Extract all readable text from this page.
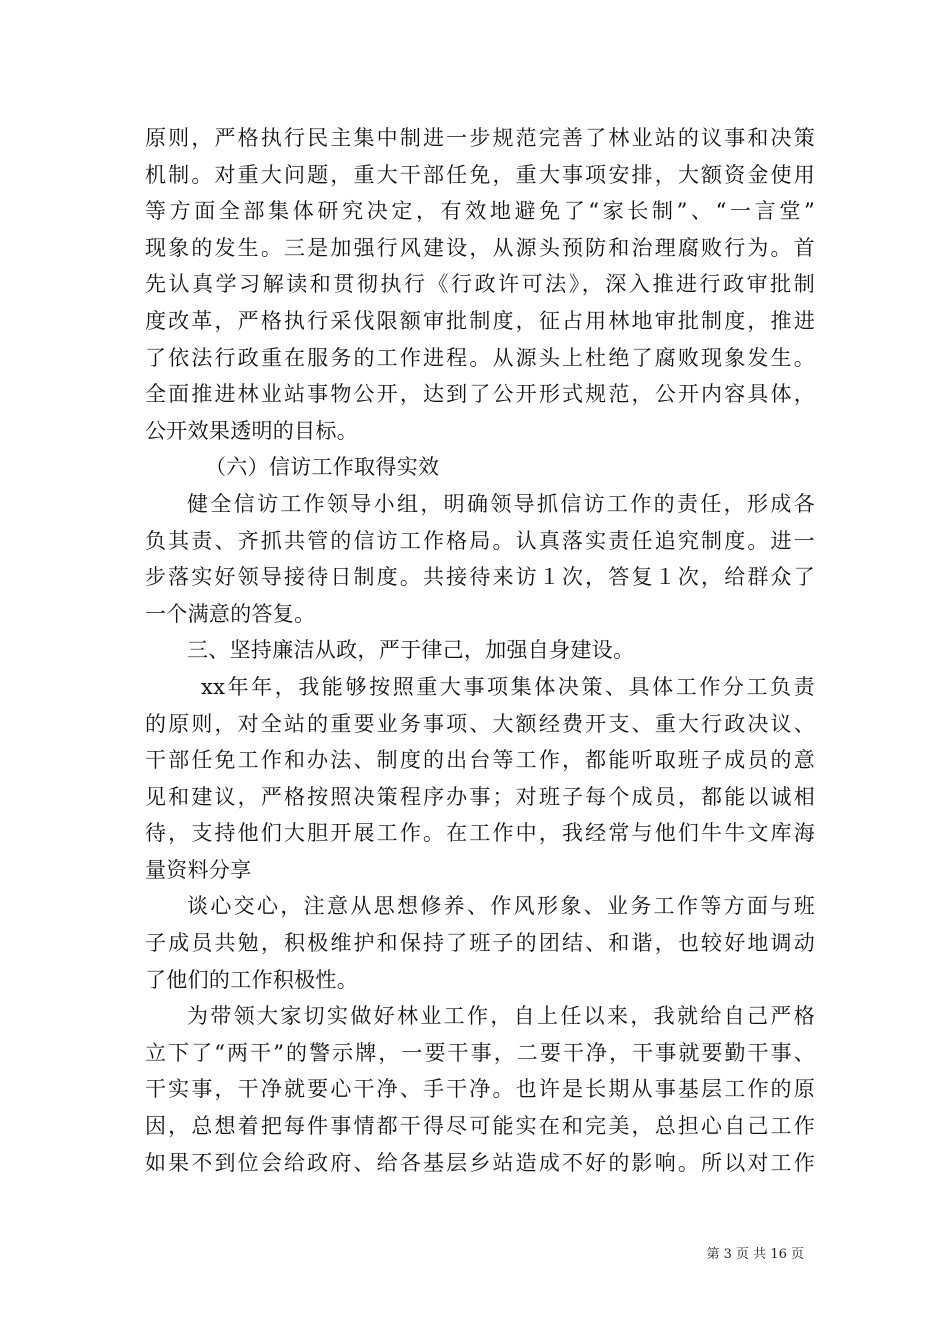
原则，严格执行民主集中制进一步规范完善了林业站的议事和决策
机制。对重大问题，重大干部任免，重大事项安排，大额资金使用
等方面全部集体研究决定，有效地避免了“家长制”、“一言堂”
现象的发生。三是加强行风建设，从源头预防和治理腐败行为。首
先认真学习解读和贯彻执行《行政许可法》，深入推进行政审批制
度改革，严格执行采伐限额审批制度，征占用林地审批制度，推进
了依法行政重在服务的工作进程。从源头上杜绝了腐败现象发生。
全面推进林业站事物公开，达到了公开形式规范，公开内容具体，
公开效果透明的目标。
（六）信访工作取得实效
健全信访工作领导小组，明确领导抓信访工作的责任，形成各
负其责、齐抓共管的信访工作格局。认真落实责任追究制度。进一
步落实好领导接待日制度。共接待来访１次，答复１次，给群众了
一个满意的答复。
三、坚持廉洁从政，严于律己，加强自身建设。
xx年年，我能够按照重大事项集体决策、具体工作分工负责
的原则，对全站的重要业务事项、大额经费开支、重大行政决议、
干部任免工作和办法、制度的出台等工作，都能听取班子成员的意
见和建议，严格按照决策程序办事；对班子每个成员，都能以诚相
待，支持他们大胆开展工作。在工作中，我经常与他们牛牛文库海
量资料分享
谈心交心，注意从思想修养、作风形象、业务工作等方面与班
子成员共勉，积极维护和保持了班子的团结、和谐，也较好地调动
了他们的工作积极性。
为带领大家切实做好林业工作，自上任以来，我就给自己严格
立下了“两干”的警示牌，一要干事，二要干净，干事就要勤干事、
干实事，干净就要心干净、手干净。也许是长期从事基层工作的原
因，总想着把每件事情都干得尽可能实在和完美，总担心自己工作
如果不到位会给政府、给各基层乡站造成不好的影响。所以对工作
第 3 页 共 16 页
